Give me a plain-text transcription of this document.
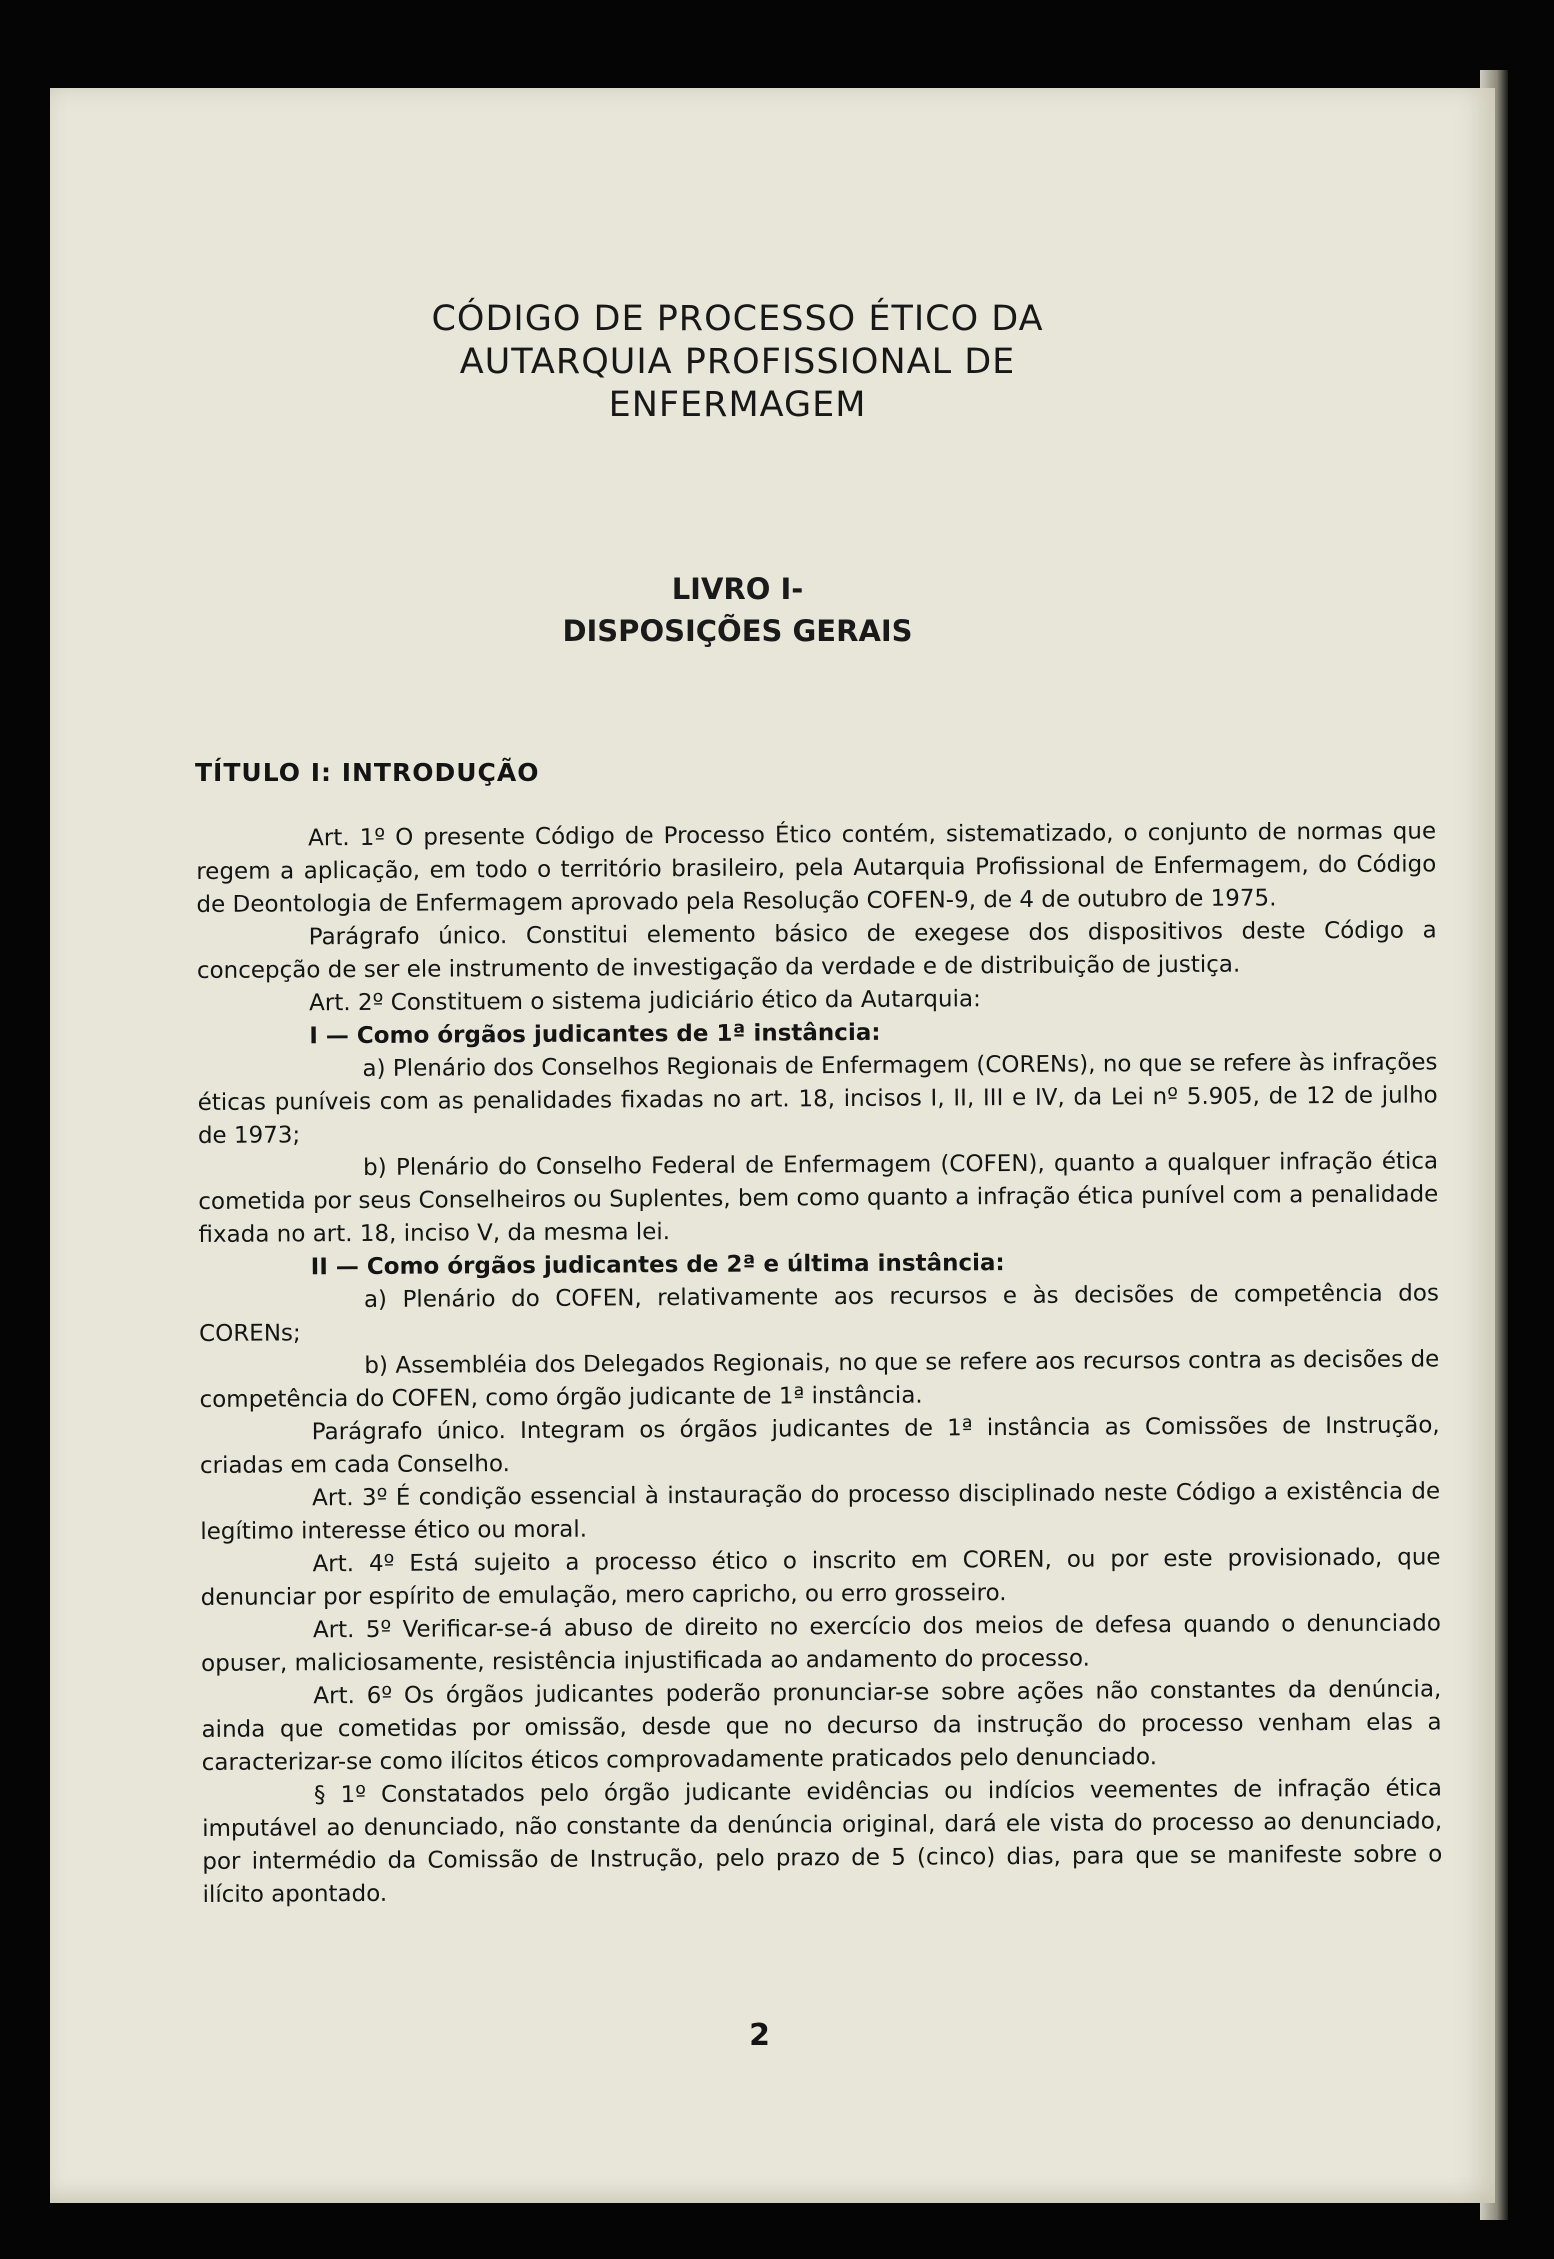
CÓDIGO DE PROCESSO ÉTICO DA
AUTARQUIA PROFISSIONAL DE
ENFERMAGEM
LIVRO I-
DISPOSIÇÕES GERAIS
TÍTULO I: INTRODUÇÃO

Art. 1º O presente Código de Processo Ético contém, sistematizado, o conjunto de normas que regem a aplicação, em todo o território brasileiro, pela Autarquia Profissional de Enfermagem, do Código de Deontologia de Enfermagem aprovado pela Resolução COFEN-9, de 4 de outubro de 1975.

Parágrafo único. Constitui elemento básico de exegese dos dispositivos deste Código a concepção de ser ele instrumento de investigação da verdade e de distribuição de justiça.

Art. 2º Constituem o sistema judiciário ético da Autarquia:

I — Como órgãos judicantes de 1ª instância:

a) Plenário dos Conselhos Regionais de Enfermagem (CORENs), no que se refere às infrações éticas puníveis com as penalidades fixadas no art. 18, incisos I, II, III e IV, da Lei nº 5.905, de 12 de julho de 1973;

b) Plenário do Conselho Federal de Enfermagem (COFEN), quanto a qualquer infração ética cometida por seus Conselheiros ou Suplentes, bem como quanto a infração ética punível com a penalidade fixada no art. 18, inciso V, da mesma lei.

II — Como órgãos judicantes de 2ª e última instância:

a) Plenário do COFEN, relativamente aos recursos e às decisões de competência dos CORENs;

b) Assembléia dos Delegados Regionais, no que se refere aos recursos contra as decisões de competência do COFEN, como órgão judicante de 1ª instância.

Parágrafo único. Integram os órgãos judicantes de 1ª instância as Comissões de Instrução, criadas em cada Conselho.

Art. 3º É condição essencial à instauração do processo disciplinado neste Código a existência de legítimo interesse ético ou moral.

Art. 4º Está sujeito a processo ético o inscrito em COREN, ou por este provisionado, que denunciar por espírito de emulação, mero capricho, ou erro grosseiro.

Art. 5º Verificar-se-á abuso de direito no exercício dos meios de defesa quando o denunciado opuser, maliciosamente, resistência injustificada ao andamento do processo.

Art. 6º Os órgãos judicantes poderão pronunciar-se sobre ações não constantes da denúncia, ainda que cometidas por omissão, desde que no decurso da instrução do processo venham elas a caracterizar-se como ilícitos éticos comprovadamente praticados pelo denunciado.

§ 1º Constatados pelo órgão judicante evidências ou indícios veementes de infração ética imputável ao denunciado, não constante da denúncia original, dará ele vista do processo ao denunciado, por intermédio da Comissão de Instrução, pelo prazo de 5 (cinco) dias, para que se manifeste sobre o ilícito apontado.

2
